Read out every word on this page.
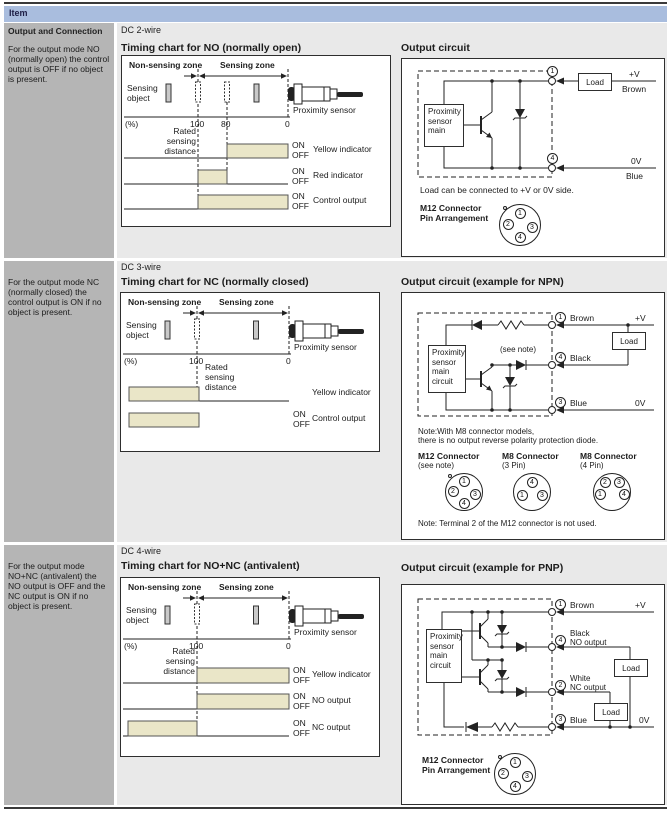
Item
Output and Connection
For the output mode NO (normally open) the control output is OFF if no object is present.
DC 2-wire
Timing chart for NO (normally open)	Output circuit
Non-sensing zone Sensing zone
Sensing object
Proximity sensor
(%)	100 80	0
Rated sensing distance
ON
OFF
Yellow indicator
ON
OFF
Red indicator
ON
OFF
Control output
Proximity sensor main
Load
1
4
+V
Brown
0V
Blue
Load can be connected to +V or 0V side.
M12 Connector
Pin Arrangement	1
2	3
4
For the output mode NC (normally closed) the control output is ON if no object is present.
DC 3-wire
Timing chart for NC (normally closed)	Output circuit (example for NPN)
Non-sensing zone Sensing zone
Sensing object
Proximity sensor
(%)	100	0
Rated sensing distance	Yellow indicator
ON
OFF
Control output
Proximity sensor main circuit
(see note)
Load
1 Brown	+V
4 Black
3 Blue	0V
Note:With M8 connector models,
there is no output reverse polarity protection diode.
M12 Connector
(see note)
1
2	3
4
M8 Connector
(3 Pin)
4
1	3
M8 Connector
(4 Pin)
2	3
1	4
Note: Terminal 2 of the M12 connector is not used.
For the output mode NO+NC (antivalent) the NO output is OFF and the NC output is ON if no object is present.
DC 4-wire
Timing chart for NO+NC (antivalent)	Output circuit (example for PNP)
Non-sensing zone Sensing zone
Sensing object
Proximity sensor
(%)	100	0
Rated sensing distance	ON
OFF
Yellow indicator
ON
OFF
NO output
ON
OFF
NC output
Proximity sensor main circuit	Load
Load
1 Brown	+V
4
Black
NO output
2
White
NC output
3 Blue	0V
M12 Connector
Pin Arrangement
1
2	3
4
